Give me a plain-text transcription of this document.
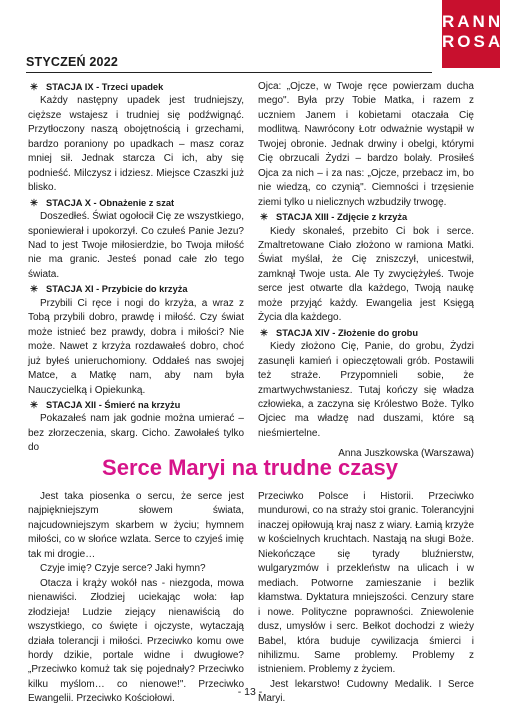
RANNA
ROSA
STYCZEŃ 2022

✳ STACJA IX - Trzeci upadek

Każdy następny upadek jest trudniejszy, cięższe wstajesz i trudniej się podźwignąć. Przytłoczony naszą obojętnością i grzechami, bardzo poraniony po upadkach – masz coraz mniej sił. Jednak starcza Ci ich, aby się podnieść. Milczysz i idziesz. Miejsce Czaszki już blisko.

✳ STACJA X - Obnażenie z szat

Doszedłeś. Świat ogołocił Cię ze wszystkiego, sponiewierał i upokorzył. Co czułeś Panie Jezu? Nad to jest Twoje miłosierdzie, bo Twoja miłość nie ma granic. Jesteś ponad całe zło tego świata.

✳ STACJA XI - Przybicie do krzyża

Przybili Ci ręce i nogi do krzyża, a wraz z Tobą przybili dobro, prawdę i miłość. Czy świat może istnieć bez prawdy, dobra i miłości? Nie może. Nawet z krzyża rozdawałeś dobro, choć już byłeś unieruchomiony. Oddałeś nas swojej Matce, a Matkę nam, aby nam była Nauczycielką i Opiekunką.

✳ STACJA XII - Śmierć na krzyżu

Pokazałeś nam jak godnie można umierać – bez złorzeczenia, skarg. Cicho. Zawołałeś tylko do

Ojca: „Ojcze, w Twoje ręce powierzam ducha mego". Była przy Tobie Matka, i razem z uczniem Janem i kobietami otaczała Cię modlitwą. Nawrócony Łotr odważnie wystąpił w Twojej obronie. Jednak drwiny i obelgi, którymi Cię obrzucali Żydzi – bardzo bolały. Prosiłeś Ojca za nich – i za nas: „Ojcze, przebacz im, bo nie wiedzą, co czynią". Ciemności i trzęsienie ziemi tylko u nielicznych wzbudziły trwogę.

✳ STACJA XIII - Zdjęcie z krzyża

Kiedy skonałeś, przebito Ci bok i serce. Zmaltretowane Ciało złożono w ramiona Matki. Świat myślał, że Cię zniszczył, unicestwił, zamknął Twoje usta. Ale Ty zwyciężyłeś. Twoje serce jest otwarte dla każdego, Twoją naukę może przyjąć każdy. Ewangelia jest Księgą Życia dla każdego.

✳ STACJA XIV - Złożenie do grobu

Kiedy złożono Cię, Panie, do grobu, Żydzi zasunęli kamień i opieczętowali grób. Postawili też straże. Przypomnieli sobie, że zmartwychwstaniesz. Tutaj kończy się władza człowieka, a zaczyna się Królestwo Boże. Tylko Ojciec ma władzę nad duszami, które są nieśmiertelne.

Anna Juszkowska (Warszawa)

Serce Maryi na trudne czasy

Jest taka piosenka o sercu, że serce jest najpiękniejszym słowem świata, najcudowniejszym skarbem w życiu; hymnem miłości, co w słońce wzlata. Serce to czyjeś imię tak mi drogie…

Czyje imię? Czyje serce? Jaki hymn?

Otacza i krąży wokół nas - niezgoda, mowa nienawiści. Złodziej uciekając woła: łap złodzieja! Ludzie ziejący nienawiścią do wszystkiego, co święte i ojczyste, wytaczają działa tolerancji i miłości. Przeciwko komu owe hordy dzikie, portale widne i dwugłowe? „Przeciwko komuż tak się pojednały? Przeciwko kilku myślom… co nienowe!". Przeciwko Ewangelii. Przeciwko Kościołowi.

Przeciwko Polsce i Historii. Przeciwko mundurowi, co na straży stoi granic. Tolerancyjni inaczej opiłowują kraj nasz z wiary. Łamią krzyże w kościelnych kruchtach. Nastają na sługi Boże. Niekończące się tyrady bluźnierstw, wulgaryzmów i przekleństw na ulicach i w mediach. Potworne zamieszanie i bezlik kłamstwa. Dyktatura mniejszości. Cenzury stare i nowe. Polityczne poprawności. Zniewolenie dusz, umysłów i serc. Bełkot dochodzi z wieży Babel, która buduje cywilizacja śmierci i nihilizmu. Same problemy. Problemy z istnieniem. Problemy z życiem.

Jest lekarstwo! Cudowny Medalik. I Serce Maryi.

- 13 -
